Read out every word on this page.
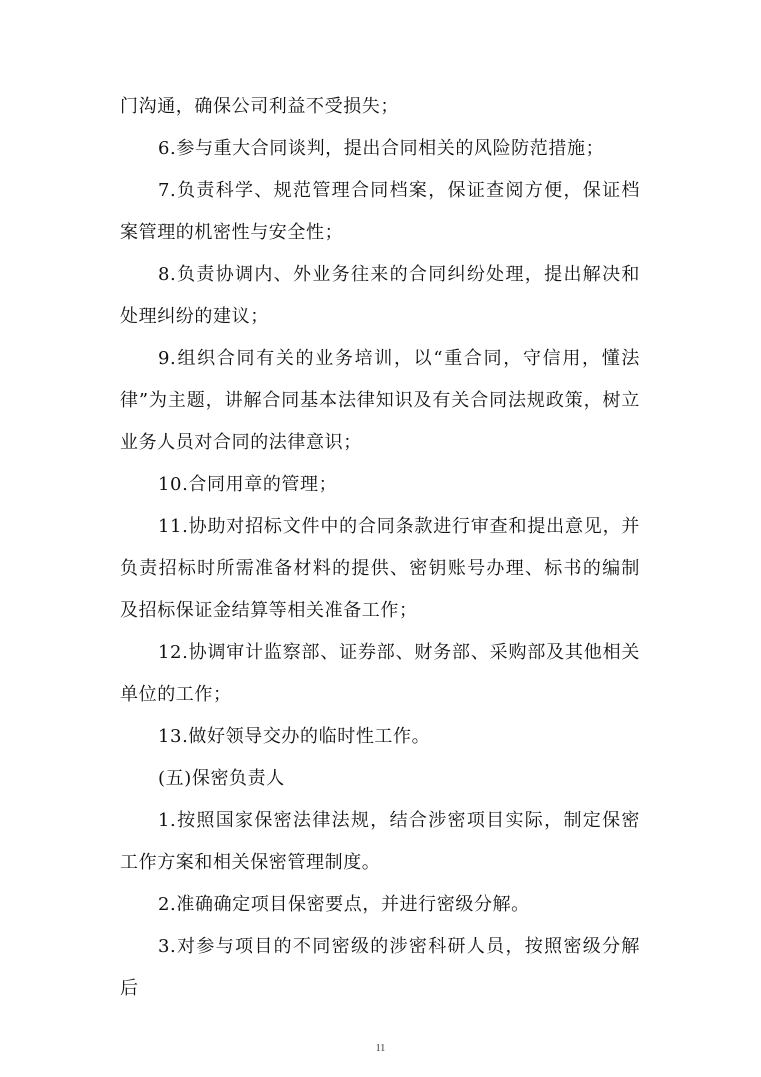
门沟通，确保公司利益不受损失；

6.参与重大合同谈判，提出合同相关的风险防范措施；

7.负责科学、规范管理合同档案，保证查阅方便，保证档案管理的机密性与安全性；

8.负责协调内、外业务往来的合同纠纷处理，提出解决和处理纠纷的建议；

9.组织合同有关的业务培训，以“重合同，守信用，懂法律”为主题，讲解合同基本法律知识及有关合同法规政策，树立业务人员对合同的法律意识；

10.合同用章的管理；

11.协助对招标文件中的合同条款进行审查和提出意见，并负责招标时所需准备材料的提供、密钥账号办理、标书的编制及招标保证金结算等相关准备工作；

12.协调审计监察部、证券部、财务部、采购部及其他相关单位的工作；

13.做好领导交办的临时性工作。

(五)保密负责人

1.按照国家保密法律法规，结合涉密项目实际，制定保密工作方案和相关保密管理制度。

2.准确确定项目保密要点，并进行密级分解。

3.对参与项目的不同密级的涉密科研人员，按照密级分解后

11
